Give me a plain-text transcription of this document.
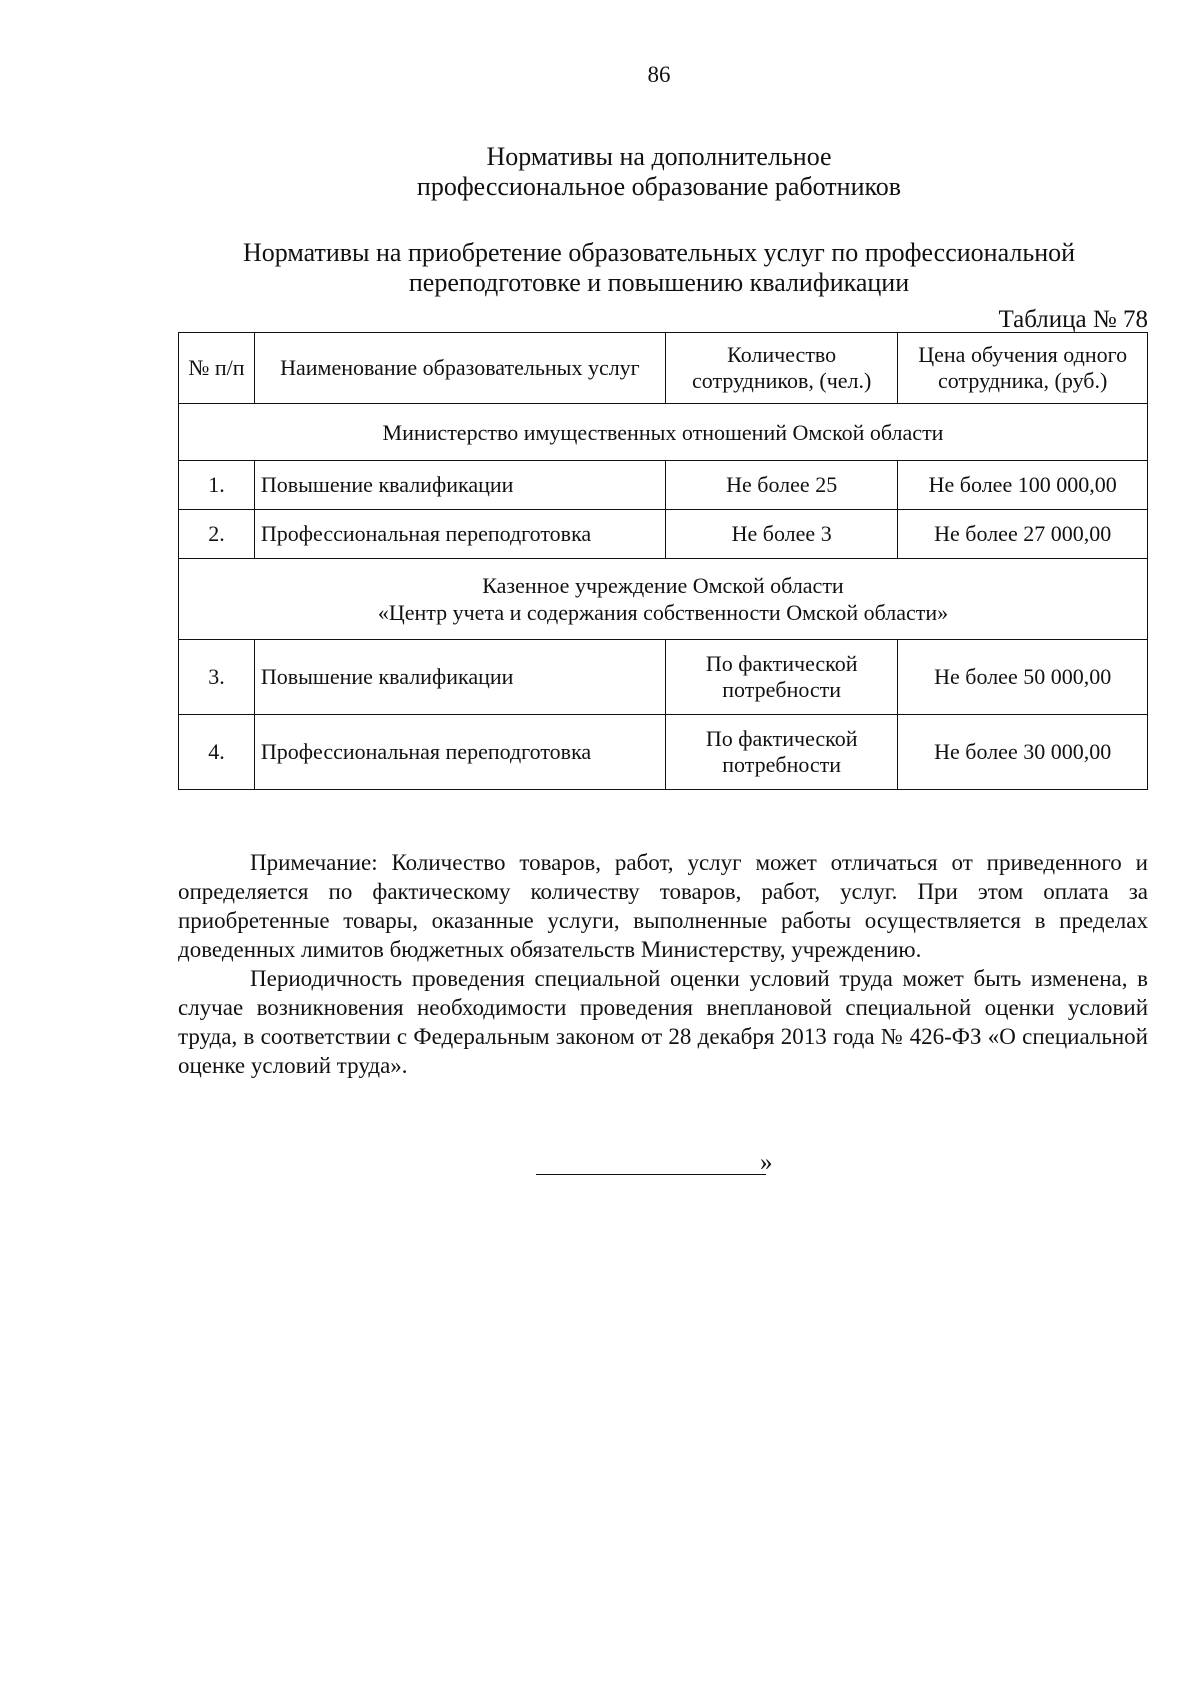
86
Нормативы на дополнительное
профессиональное образование работников
Нормативы на приобретение образовательных услуг по профессиональной
переподготовке и повышению квалификации
Таблица № 78
№ п/п	Наименование образовательных услуг	Количество сотрудников, (чел.)	Цена обучения одного сотрудника, (руб.)

Министерство имущественных отношений Омской области			

1.	Повышение квалификации	Не более 25	Не более 100 000,00
2.	Профессиональная переподготовка	Не более 3	Не более 27 000,00

Казенное учреждение Омской области
«Центр учета и содержания собственности Омской области»			

3.	Повышение квалификации	По фактической потребности	Не более 50 000,00
4.	Профессиональная переподготовка	По фактической потребности	Не более 30 000,00

Примечание: Количество товаров, работ, услуг может отличаться от приведенного и определяется по фактическому количеству товаров, работ, услуг. При этом оплата за приобретенные товары, оказанные услуги, выполненные работы осуществляется в пределах доведенных лимитов бюджетных обязательств Министерству, учреждению.

Периодичность проведения специальной оценки условий труда может быть изменена, в случае возникновения необходимости проведения внеплановой специальной оценки условий труда, в соответствии с Федеральным законом от 28 декабря 2013 года № 426-ФЗ «О специальной оценке условий труда».

»
